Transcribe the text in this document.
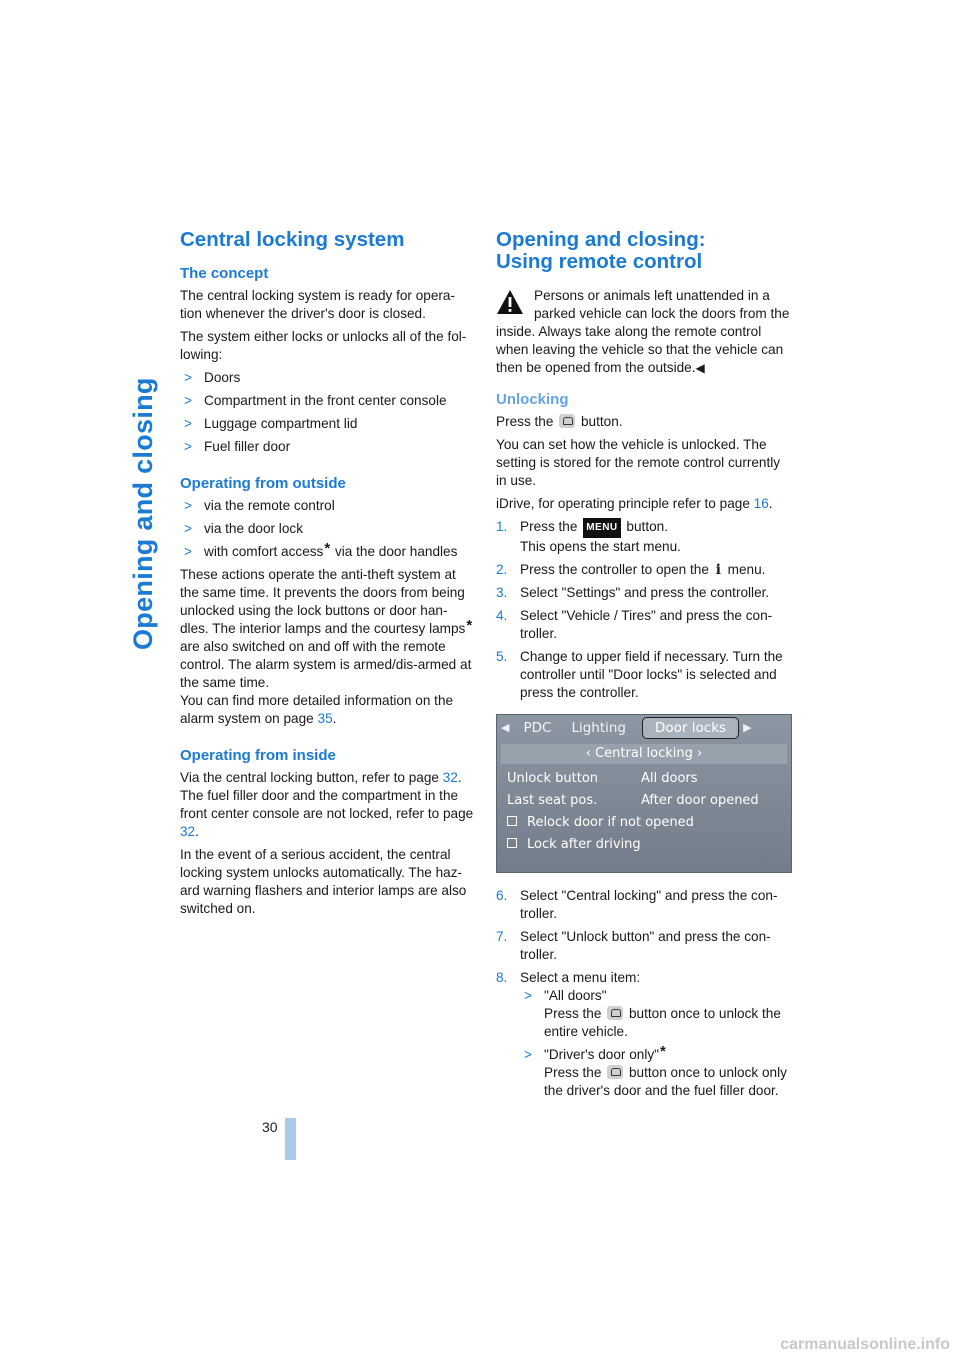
Opening and closing
Central locking system
The concept

The central locking system is ready for opera-tion whenever the driver's door is closed.

The system either locks or unlocks all of the fol-lowing:

> Doors
> Compartment in the front center console
> Luggage compartment lid
> Fuel filler door
Operating from outside
> via the remote control
> via the door lock
> with comfort access* via the door handles

These actions operate the anti-theft system at the same time. It prevents the doors from being unlocked using the lock buttons or door han-dles. The interior lamps and the courtesy lamps* are also switched on and off with the remote control. The alarm system is armed/dis-armed at the same time.
You can find more detailed information on the alarm system on page 35.

Operating from inside

Via the central locking button, refer to page 32.
The fuel filler door and the compartment in the front center console are not locked, refer to page 32.

In the event of a serious accident, the central locking system unlocks automatically. The haz-ard warning flashers and interior lamps are also switched on.

Opening and closing:
Using remote control
Persons or animals left unattended in a parked vehicle can lock the doors from the inside. Always take along the remote control when leaving the vehicle so that the vehicle can then be opened from the outside.◀
Unlocking

Press the  button.

You can set how the vehicle is unlocked. The setting is stored for the remote control currently in use.

iDrive, for operating principle refer to page 16.

1. Press the MENU button.
This opens the start menu.
2. Press the controller to open the i menu.
3. Select "Settings" and press the controller.
4. Select "Vehicle / Tires" and press the con-troller.
5. Change to upper field if necessary. Turn the controller until "Door locks" is selected and press the controller.
◀	PDC	Lighting	Door locks	▶
‹ Central locking ›
Unlock button	All doors
Last seat pos.	After door opened
Relock door if not opened
Lock after driving
6. Select "Central locking" and press the con-troller.
7. Select "Unlock button" and press the con-troller.
8. Select a menu item:
> "All doors"
Press the  button once to unlock the entire vehicle.
> "Driver's door only"*
Press the  button once to unlock only the driver's door and the fuel filler door.
30
carmanualsonline.info
